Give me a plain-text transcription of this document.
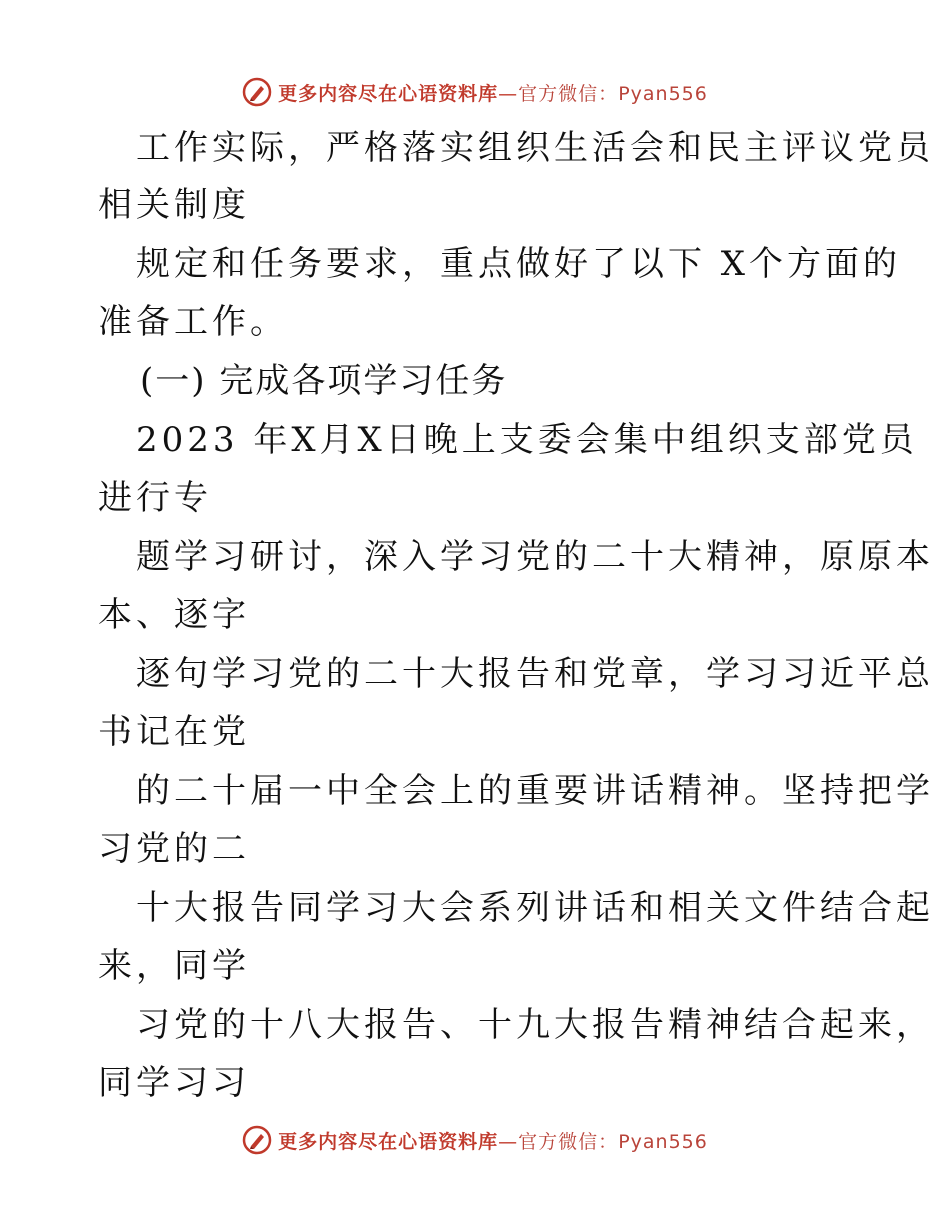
更多内容尽在心语资料库—官方微信：Pyan556
工作实际，严格落实组织生活会和民主评议党员
相关制度
规定和任务要求，重点做好了以下 X个方面的
准备工作。
(一) 完成各项学习任务
2023 年X月X日晚上支委会集中组织支部党员
进行专
题学习研讨，深入学习党的二十大精神，原原本
本、逐字
逐句学习党的二十大报告和党章，学习习近平总
书记在党
的二十届一中全会上的重要讲话精神。坚持把学
习党的二
十大报告同学习大会系列讲话和相关文件结合起
来，同学
习党的十八大报告、十九大报告精神结合起来，
同学习习
更多内容尽在心语资料库—官方微信：Pyan556
